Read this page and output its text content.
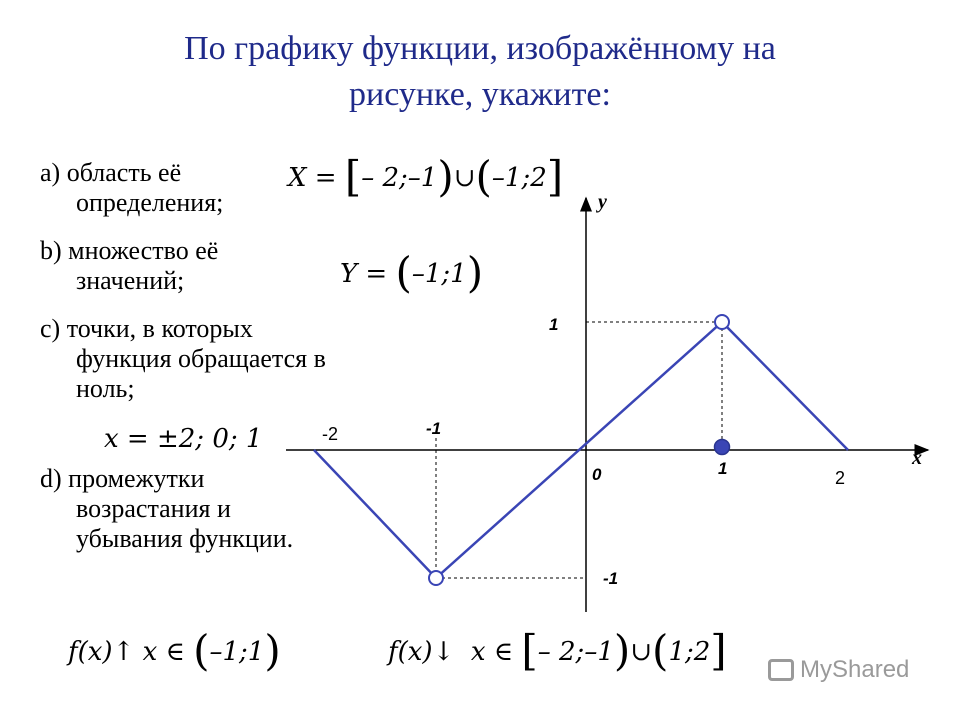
По графику функции, изображённому на
рисунке, укажите:
a) область её
определения;
b) множество её
значений;
c) точки, в которых
функция обращается в
ноль;
d) промежутки
возрастания и
убывания функции.
X = [– 2;–1)∪(–1;2]
Y = (–1;1)
x = ±2; 0; 1
f(x)↑ x ∈ (–1;1)	f(x)↓ x ∈ [– 2;–1)∪(1;2]
y
x
0
1
1
-1
-1
-2
2
MyShared
